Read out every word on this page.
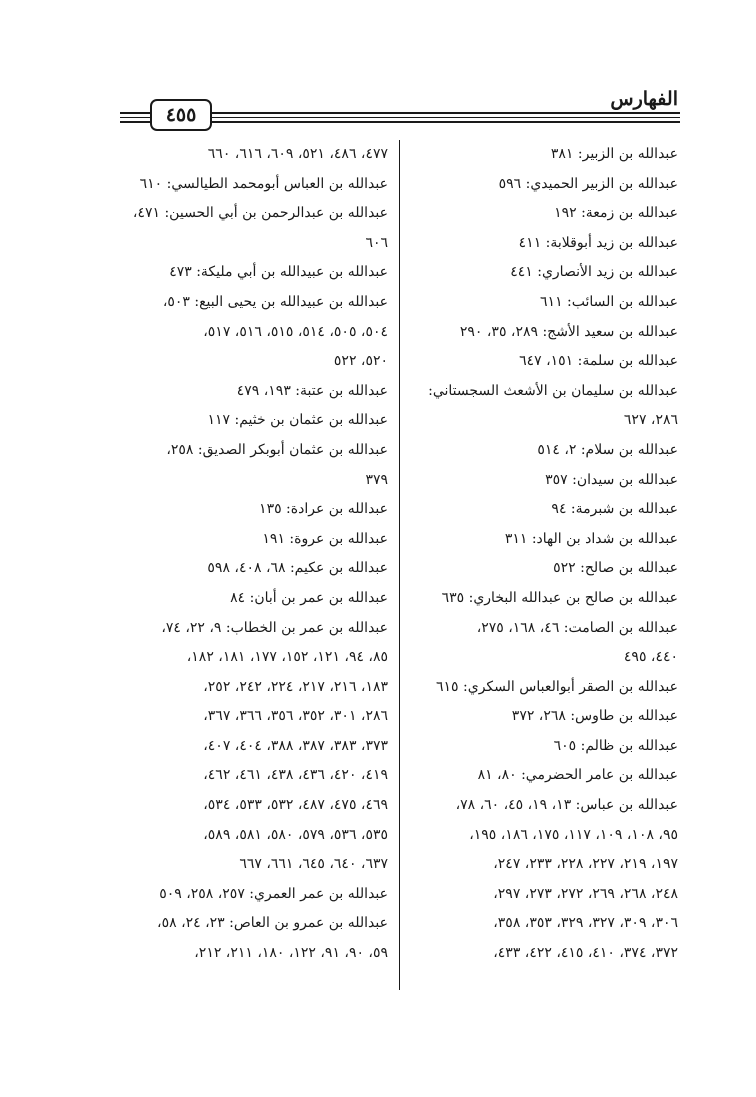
الفهارس
٤٥٥
عبدالله بن الزبير: ٣٨١
عبدالله بن الزبير الحميدي: ٥٩٦
عبدالله بن زمعة: ١٩٢
عبدالله بن زيد أبوقلابة: ٤١١
عبدالله بن زيد الأنصاري: ٤٤١
عبدالله بن السائب: ٦١١
عبدالله بن سعيد الأشج: ٢٨٩، ٣٥، ٢٩٠
عبدالله بن سلمة: ١٥١، ٦٤٧
عبدالله بن سليمان بن الأشعث السجستاني:
٢٨٦، ٦٢٧
عبدالله بن سلام: ٢، ٥١٤
عبدالله بن سيدان: ٣٥٧
عبدالله بن شبرمة: ٩٤
عبدالله بن شداد بن الهاد: ٣١١
عبدالله بن صالح: ٥٢٢
عبدالله بن صالح بن عبدالله البخاري: ٦٣٥
عبدالله بن الصامت: ٤٦، ١٦٨، ٢٧٥،
٤٤٠، ٤٩٥
عبدالله بن الصقر أبوالعباس السكري: ٦١٥
عبدالله بن طاوس: ٢٦٨، ٣٧٢
عبدالله بن ظالم: ٦٠٥
عبدالله بن عامر الحضرمي: ٨٠، ٨١
عبدالله بن عباس: ١٣، ١٩، ٤٥، ٦٠، ٧٨،
٩٥، ١٠٨، ١٠٩، ١١٧، ١٧٥، ١٨٦، ١٩٥،
١٩٧، ٢١٩، ٢٢٧، ٢٢٨، ٢٣٣، ٢٤٧،
٢٤٨، ٢٦٨، ٢٦٩، ٢٧٢، ٢٧٣، ٢٩٧،
٣٠٦، ٣٠٩، ٣٢٧، ٣٢٩، ٣٥٣، ٣٥٨،
٣٧٢، ٣٧٤، ٤١٠، ٤١٥، ٤٢٢، ٤٣٣،
٤٧٧، ٤٨٦، ٥٢١، ٦٠٩، ٦١٦، ٦٦٠
عبدالله بن العباس أبومحمد الطيالسي: ٦١٠
عبدالله بن عبدالرحمن بن أبي الحسين: ٤٧١،
٦٠٦
عبدالله بن عبيدالله بن أبي مليكة: ٤٧٣
عبدالله بن عبيدالله بن يحيى البيع: ٥٠٣،
٥٠٤، ٥٠٥، ٥١٤، ٥١٥، ٥١٦، ٥١٧،
٥٢٠، ٥٢٢
عبدالله بن عتبة: ١٩٣، ٤٧٩
عبدالله بن عثمان بن خثيم: ١١٧
عبدالله بن عثمان أبوبكر الصديق: ٢٥٨،
٣٧٩
عبدالله بن عرادة: ١٣٥
عبدالله بن عروة: ١٩١
عبدالله بن عكيم: ٦٨، ٤٠٨، ٥٩٨
عبدالله بن عمر بن أبان: ٨٤
عبدالله بن عمر بن الخطاب: ٩، ٢٢، ٧٤،
٨٥، ٩٤، ١٢١، ١٥٢، ١٧٧، ١٨١، ١٨٢،
١٨٣، ٢١٦، ٢١٧، ٢٢٤، ٢٤٢، ٢٥٢،
٢٨٦، ٣٠١، ٣٥٢، ٣٥٦، ٣٦٦، ٣٦٧،
٣٧٣، ٣٨٣، ٣٨٧، ٣٨٨، ٤٠٤، ٤٠٧،
٤١٩، ٤٢٠، ٤٣٦، ٤٣٨، ٤٦١، ٤٦٢،
٤٦٩، ٤٧٥، ٤٨٧، ٥٣٢، ٥٣٣، ٥٣٤،
٥٣٥، ٥٣٦، ٥٧٩، ٥٨٠، ٥٨١، ٥٨٩،
٦٣٧، ٦٤٠، ٦٤٥، ٦٦١، ٦٦٧
عبدالله بن عمر العمري: ٢٥٧، ٢٥٨، ٥٠٩
عبدالله بن عمرو بن العاص: ٢٣، ٢٤، ٥٨،
٥٩، ٩٠، ٩١، ١٢٢، ١٨٠، ٢١١، ٢١٢،
